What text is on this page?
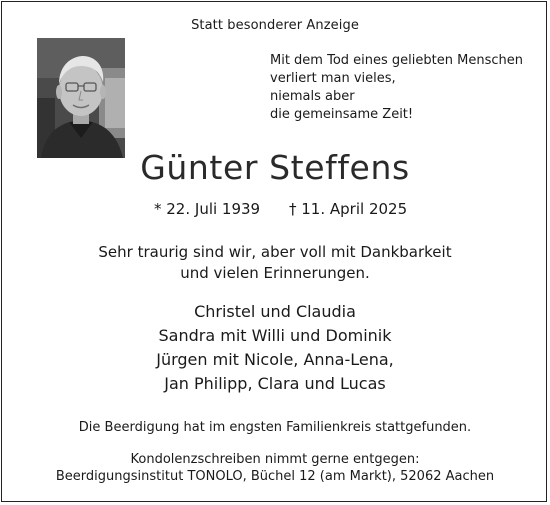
Statt besonderer Anzeige
Mit dem Tod eines geliebten Menschen
verliert man vieles,
niemals aber
die gemeinsame Zeit!
Günter Steffens
* 22. Juli 1939 † 11. April 2025
Sehr traurig sind wir, aber voll mit Dankbarkeit
und vielen Erinnerungen.
Christel und Claudia
Sandra mit Willi und Dominik
Jürgen mit Nicole, Anna-Lena,
Jan Philipp, Clara und Lucas
Die Beerdigung hat im engsten Familienkreis stattgefunden.
Kondolenzschreiben nimmt gerne entgegen:
Beerdigungsinstitut TONOLO, Büchel 12 (am Markt), 52062 Aachen
